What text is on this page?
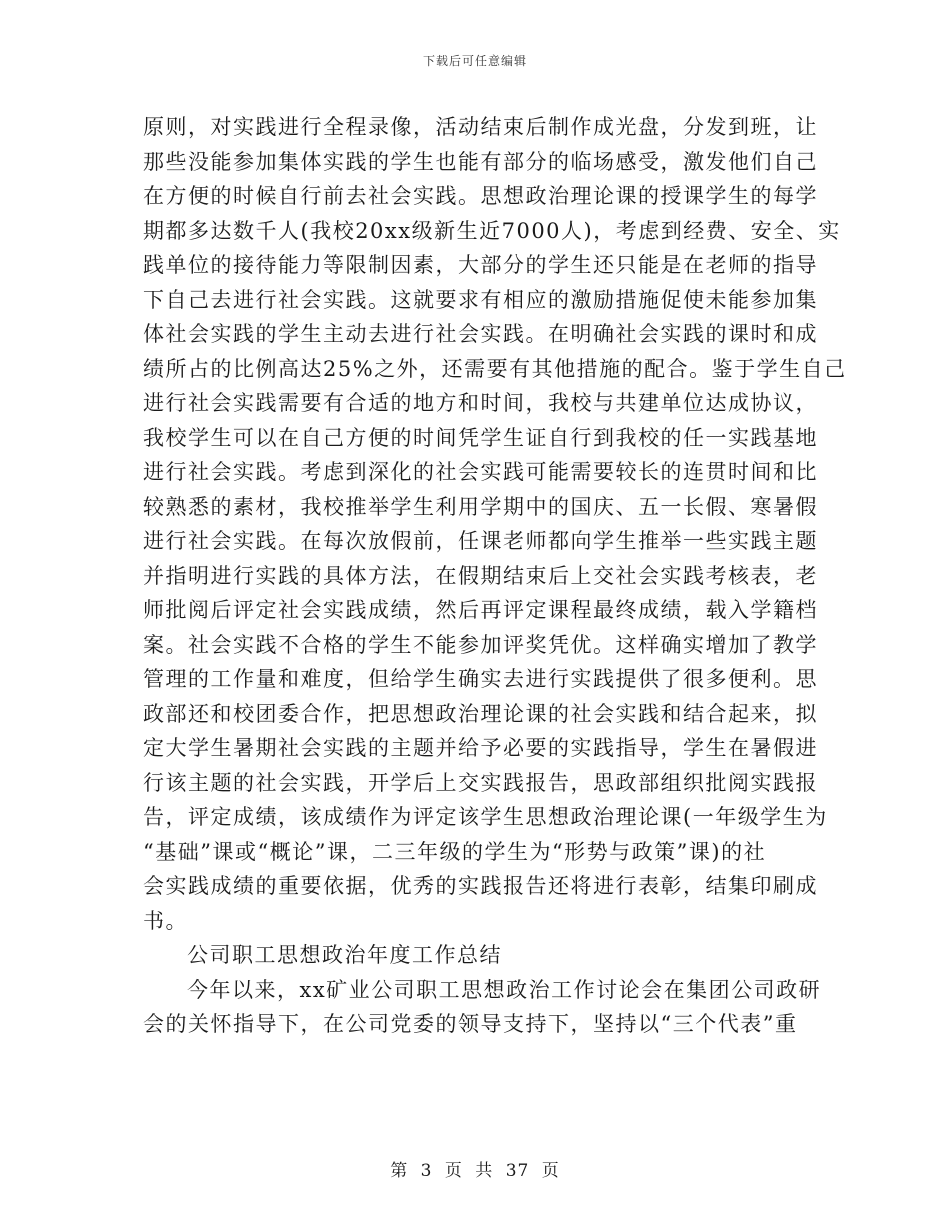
下载后可任意编辑
原则，对实践进行全程录像，活动结束后制作成光盘，分发到班，让
那些没能参加集体实践的学生也能有部分的临场感受，激发他们自己
在方便的时候自行前去社会实践。思想政治理论课的授课学生的每学
期都多达数千人(我校20xx级新生近7000人)，考虑到经费、安全、实
践单位的接待能力等限制因素，大部分的学生还只能是在老师的指导
下自己去进行社会实践。这就要求有相应的激励措施促使未能参加集
体社会实践的学生主动去进行社会实践。在明确社会实践的课时和成
绩所占的比例高达25%之外，还需要有其他措施的配合。鉴于学生自己
进行社会实践需要有合适的地方和时间，我校与共建单位达成协议，
我校学生可以在自己方便的时间凭学生证自行到我校的任一实践基地
进行社会实践。考虑到深化的社会实践可能需要较长的连贯时间和比
较熟悉的素材，我校推举学生利用学期中的国庆、五一长假、寒暑假
进行社会实践。在每次放假前，任课老师都向学生推举一些实践主题
并指明进行实践的具体方法，在假期结束后上交社会实践考核表，老
师批阅后评定社会实践成绩，然后再评定课程最终成绩，载入学籍档
案。社会实践不合格的学生不能参加评奖凭优。这样确实增加了教学
管理的工作量和难度，但给学生确实去进行实践提供了很多便利。思
政部还和校团委合作，把思想政治理论课的社会实践和结合起来，拟
定大学生暑期社会实践的主题并给予必要的实践指导，学生在暑假进
行该主题的社会实践，开学后上交实践报告，思政部组织批阅实践报
告，评定成绩，该成绩作为评定该学生思想政治理论课(一年级学生为
“基础”课或“概论”课，二三年级的学生为“形势与政策”课)的社
会实践成绩的重要依据，优秀的实践报告还将进行表彰，结集印刷成
书。
公司职工思想政治年度工作总结
今年以来，xx矿业公司职工思想政治工作讨论会在集团公司政研
会的关怀指导下，在公司党委的领导支持下，坚持以“三个代表”重
第 3 页 共 37 页
